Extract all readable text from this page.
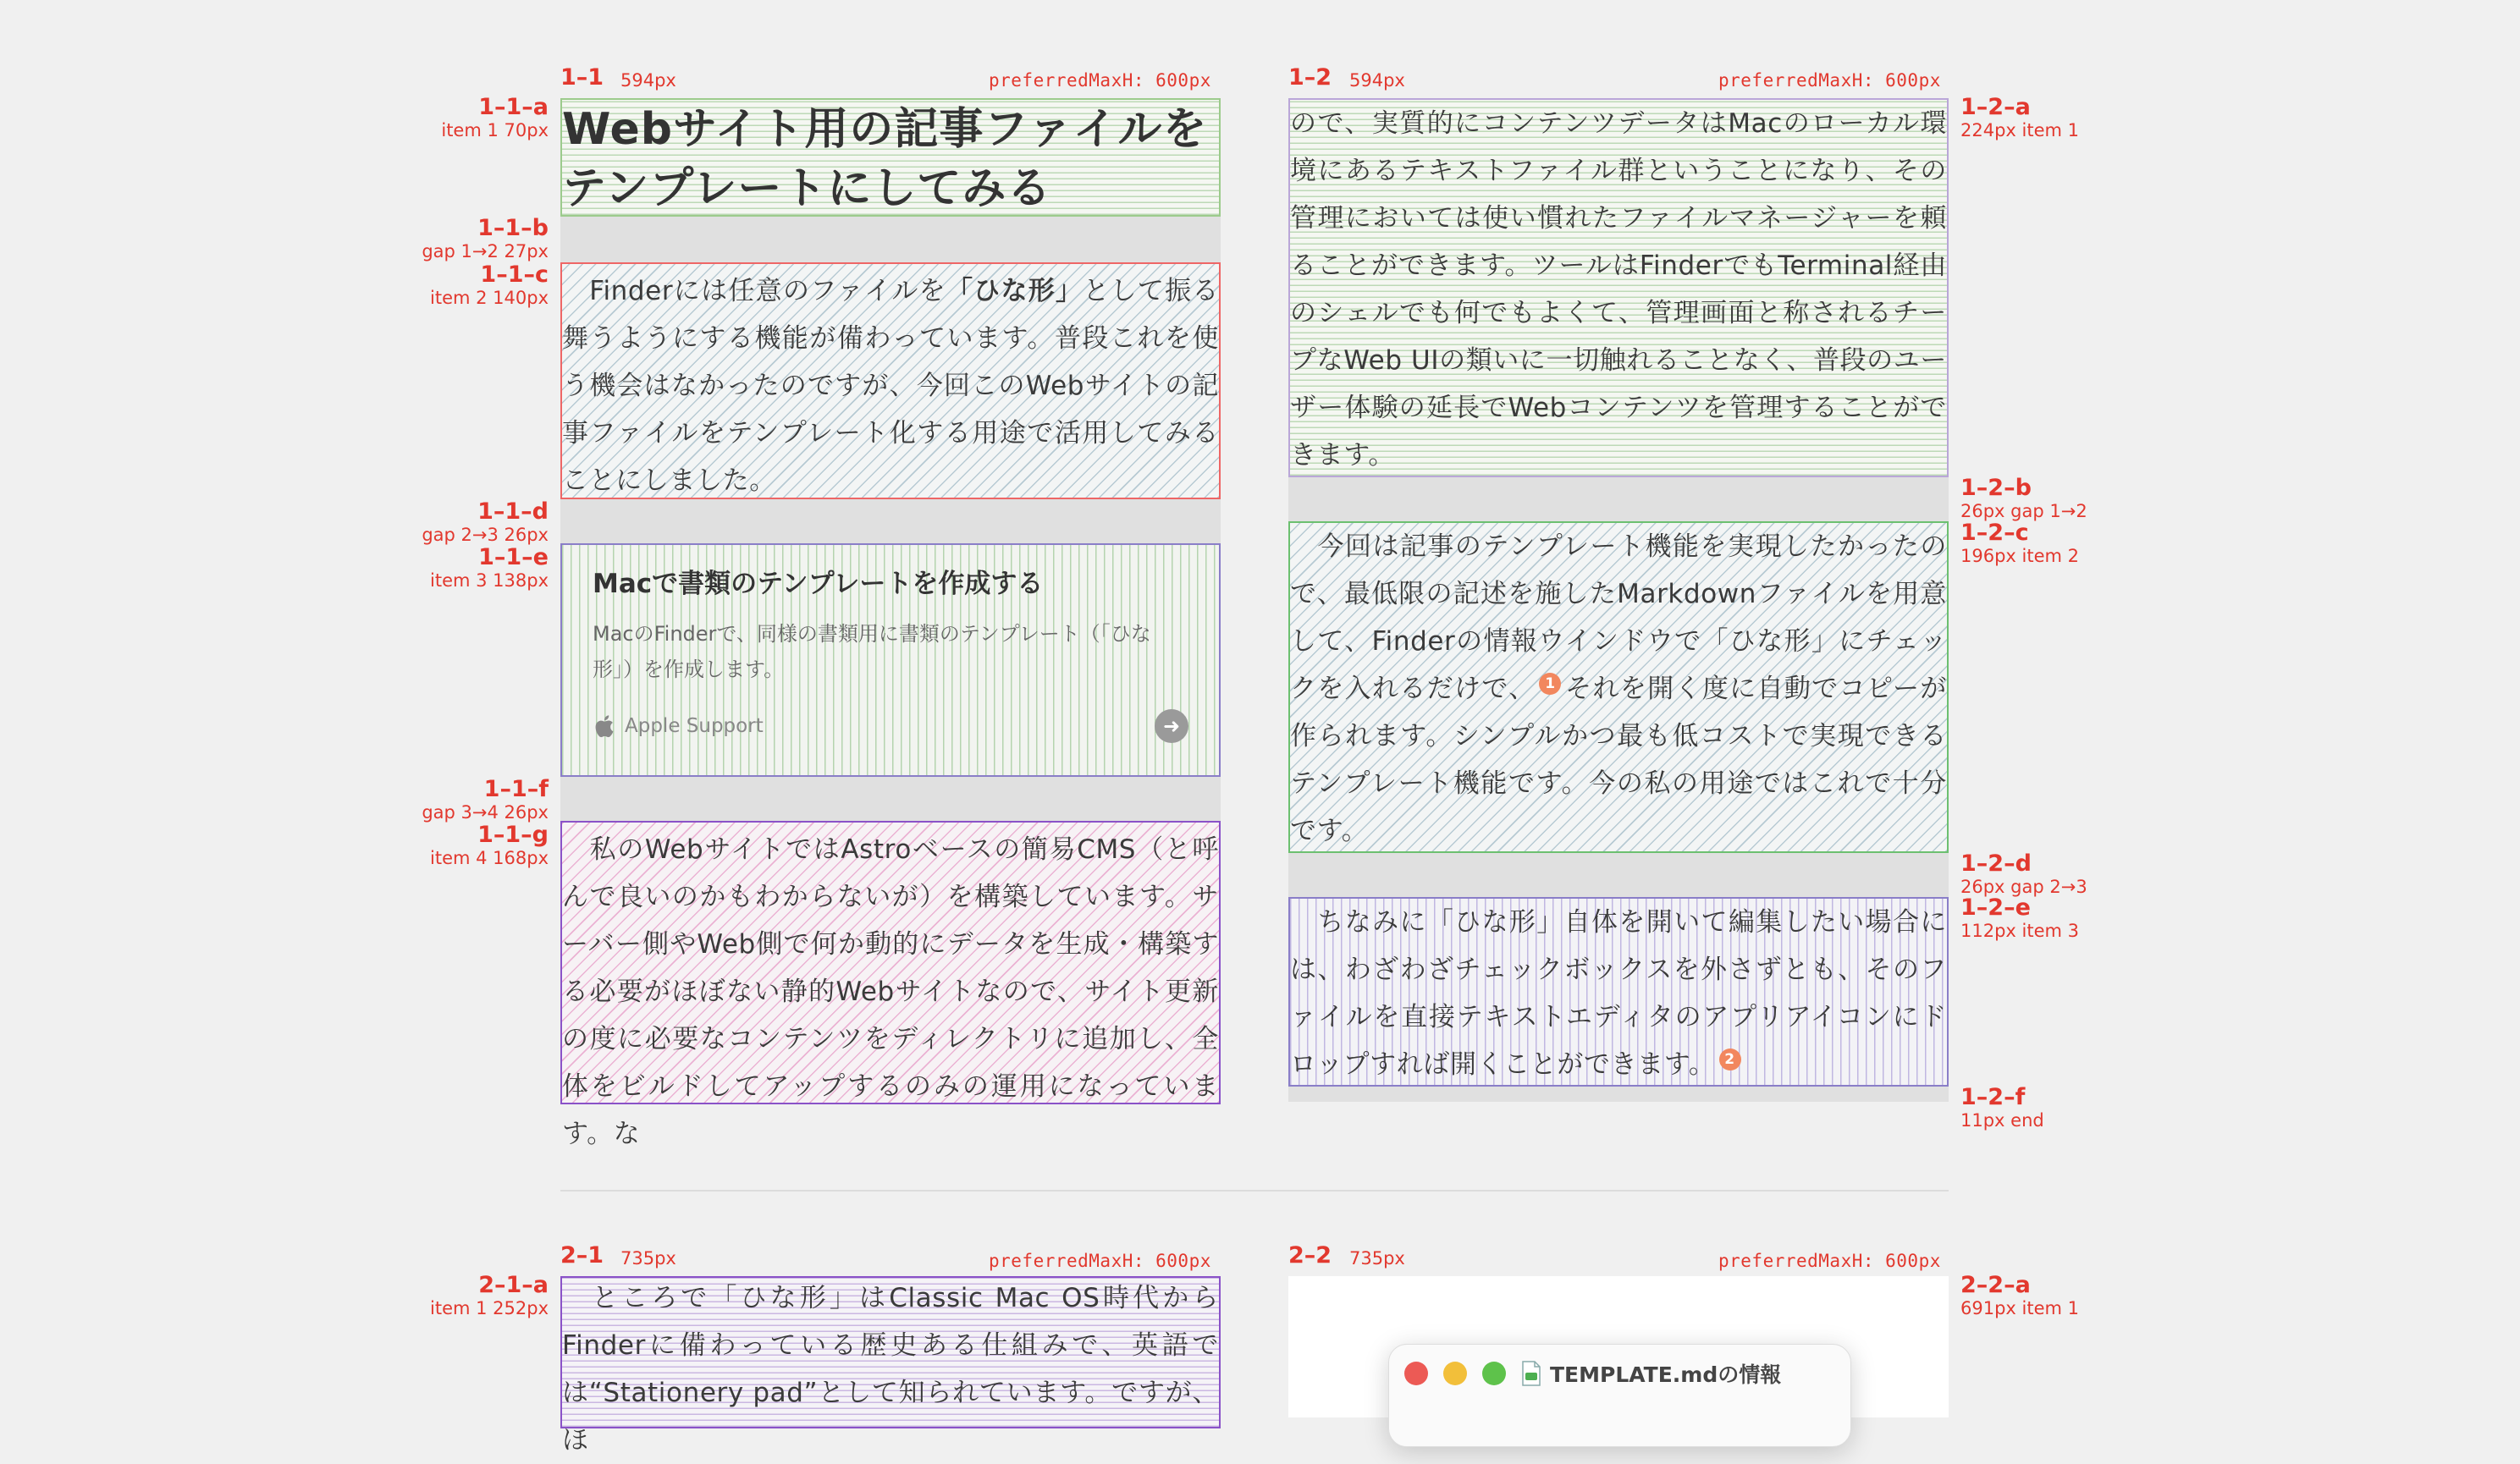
1–1 594px	preferredMaxH: 600px
1–1–a
item 1 70px
1–1–b
gap 1→2 27px
1–1–c
item 2 140px
1–1–d
gap 2→3 26px
1–1–e
item 3 138px
1–1–f
gap 3→4 26px
1–1–g
item 4 168px
Webサイト用の記事ファイルをテンプレートにしてみる

　Finderには任意のファイルを「ひな形」として振る舞うようにする機能が備わっています。普段これを使う機会はなかったのですが、今回このWebサイトの記事ファイルをテンプレート化する用途で活用してみることにしました。

Macで書類のテンプレートを作成する
MacのFinderで、同様の書類用に書類のテンプレート（「ひな形」）を作成します。
Apple Support	➜

　私のWebサイトではAstroベースの簡易CMS（と呼んで良いのかもわからないが）を構築しています。サーバー側やWeb側で何か動的にデータを生成・構築する必要がほぼない静的Webサイトなので、サイト更新の度に必要なコンテンツをディレクトリに追加し、全体をビルドしてアップするのみの運用になっています。な

1–2 594px	preferredMaxH: 600px
1–2–a
224px item 1
1–2–b
26px gap 1→2
1–2–c
196px item 2
1–2–d
26px gap 2→3
1–2–e
112px item 3
1–2–f
11px end

ので、実質的にコンテンツデータはMacのローカル環境にあるテキストファイル群ということになり、その管理においては使い慣れたファイルマネージャーを頼ることができます。ツールはFinderでもTerminal経由のシェルでも何でもよくて、管理画面と称されるチープなWeb UIの類いに一切触れることなく、普段のユーザー体験の延長でWebコンテンツを管理することができます。

　今回は記事のテンプレート機能を実現したかったので、最低限の記述を施したMarkdownファイルを用意して、Finderの情報ウインドウで「ひな形」にチェックを入れるだけで、 1 それを開く度に自動でコピーが作られます。シンプルかつ最も低コストで実現できるテンプレート機能です。今の私の用途ではこれで十分です。

　ちなみに「ひな形」自体を開いて編集したい場合には、わざわざチェックボックスを外さずとも、そのファイルを直接テキストエディタのアプリアイコンにドロップすれば開くことができます。 2

2–1 735px	preferredMaxH: 600px
2–1–a
item 1 252px 　ところで「ひな形」はClassic Mac OS時代からFinderに備わっている歴史ある仕組みで、英語では“Stationery pad”として知られています。ですが、ほ

2–2 735px	preferredMaxH: 600px
2–2–a
691px item 1
TEMPLATE.mdの情報
